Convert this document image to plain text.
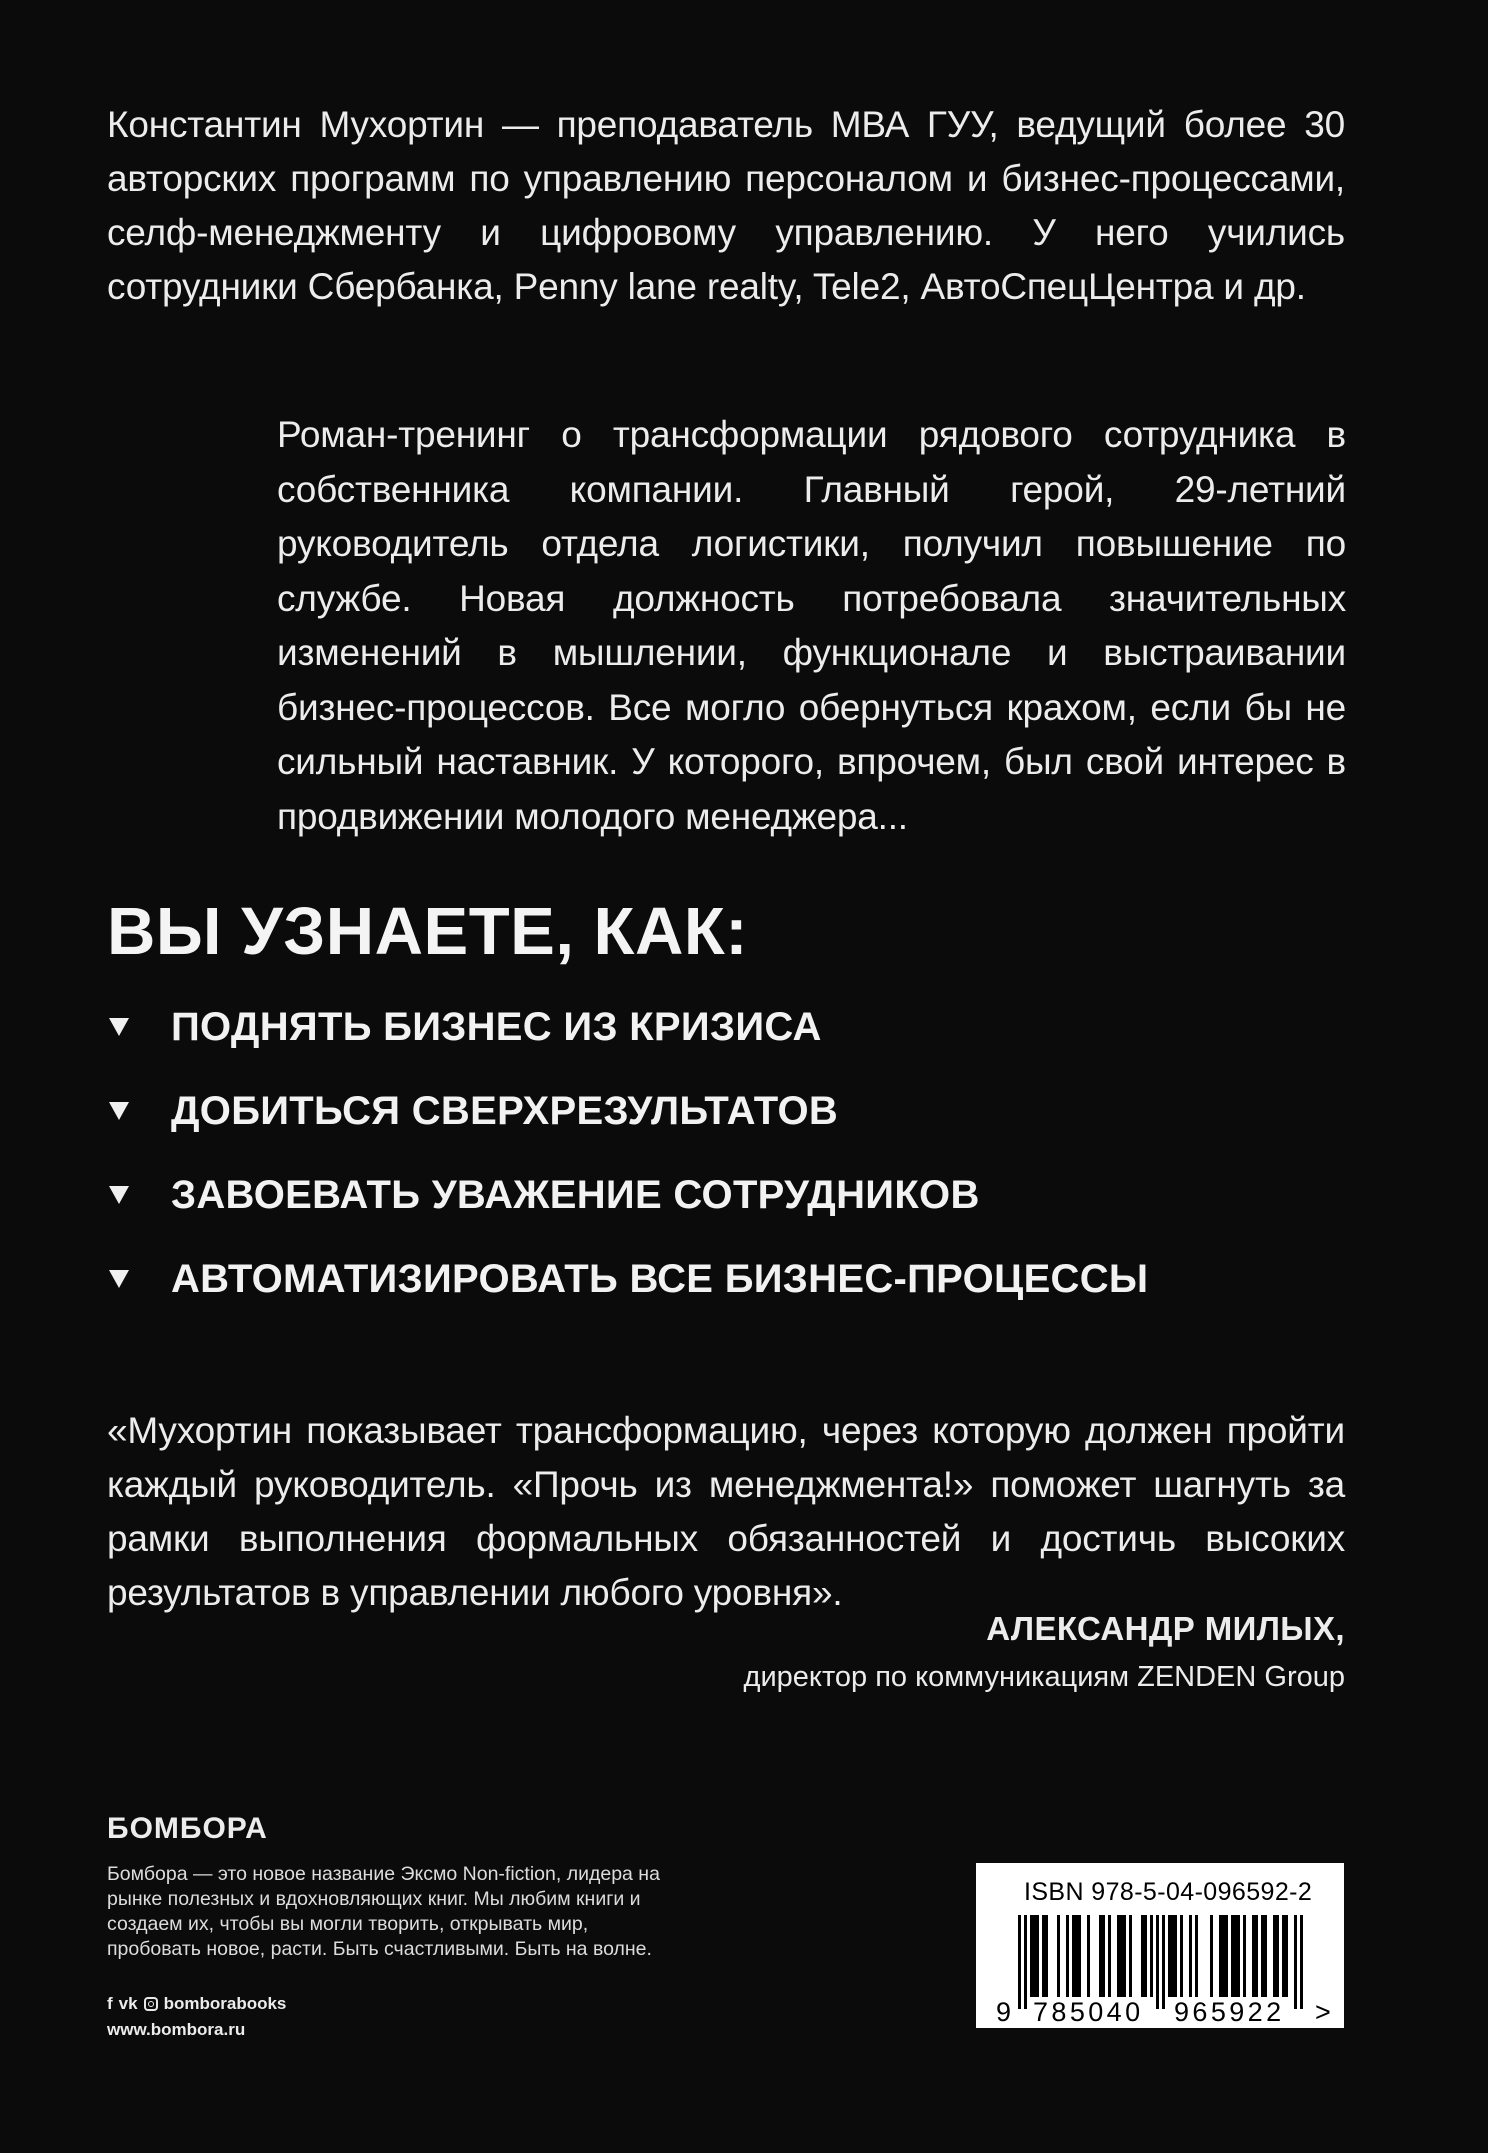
Константин Мухортин — преподаватель МВА ГУУ, ведущий более 30 авторских программ по управлению персоналом и бизнес-процессами, селф-менеджменту и цифровому управлению. У него учились сотрудники Сбербанка, Penny lane realty, Tele2, АвтоСпецЦентра и др.

Роман-тренинг о трансформации рядового сотрудника в собственника компании. Главный герой, 29-летний руководитель отдела логистики, получил повышение по службе. Новая должность потребовала значительных изменений в мышлении, функционале и выстраивании бизнес-процессов. Все могло обернуться крахом, если бы не сильный наставник. У которого, впрочем, был свой интерес в продвижении молодого менеджера...

ВЫ УЗНАЕТЕ, КАК:
ПОДНЯТЬ БИЗНЕС ИЗ КРИЗИСА
ДОБИТЬСЯ СВЕРХРЕЗУЛЬТАТОВ
ЗАВОЕВАТЬ УВАЖЕНИЕ СОТРУДНИКОВ
АВТОМАТИЗИРОВАТЬ ВСЕ БИЗНЕС-ПРОЦЕССЫ

«Мухортин показывает трансформацию, через которую должен пройти каждый руководитель. «Прочь из менеджмента!» поможет шагнуть за рамки выполнения формальных обязанностей и достичь высоких результатов в управлении любого уровня».

АЛЕКСАНДР МИЛЫХ,
директор по коммуникациям ZENDEN Group
БОМБОРА
Бомбора — это новое название Эксмо Non-fiction, лидера на рынке полезных и вдохновляющих книг. Мы любим книги и создаем их, чтобы вы могли творить, открывать мир, пробовать новое, расти. Быть счастливыми. Быть на волне.
f vk bomborabooks
www.bombora.ru
9 785040 965922 >
ISBN 978-5-04-096592-2
